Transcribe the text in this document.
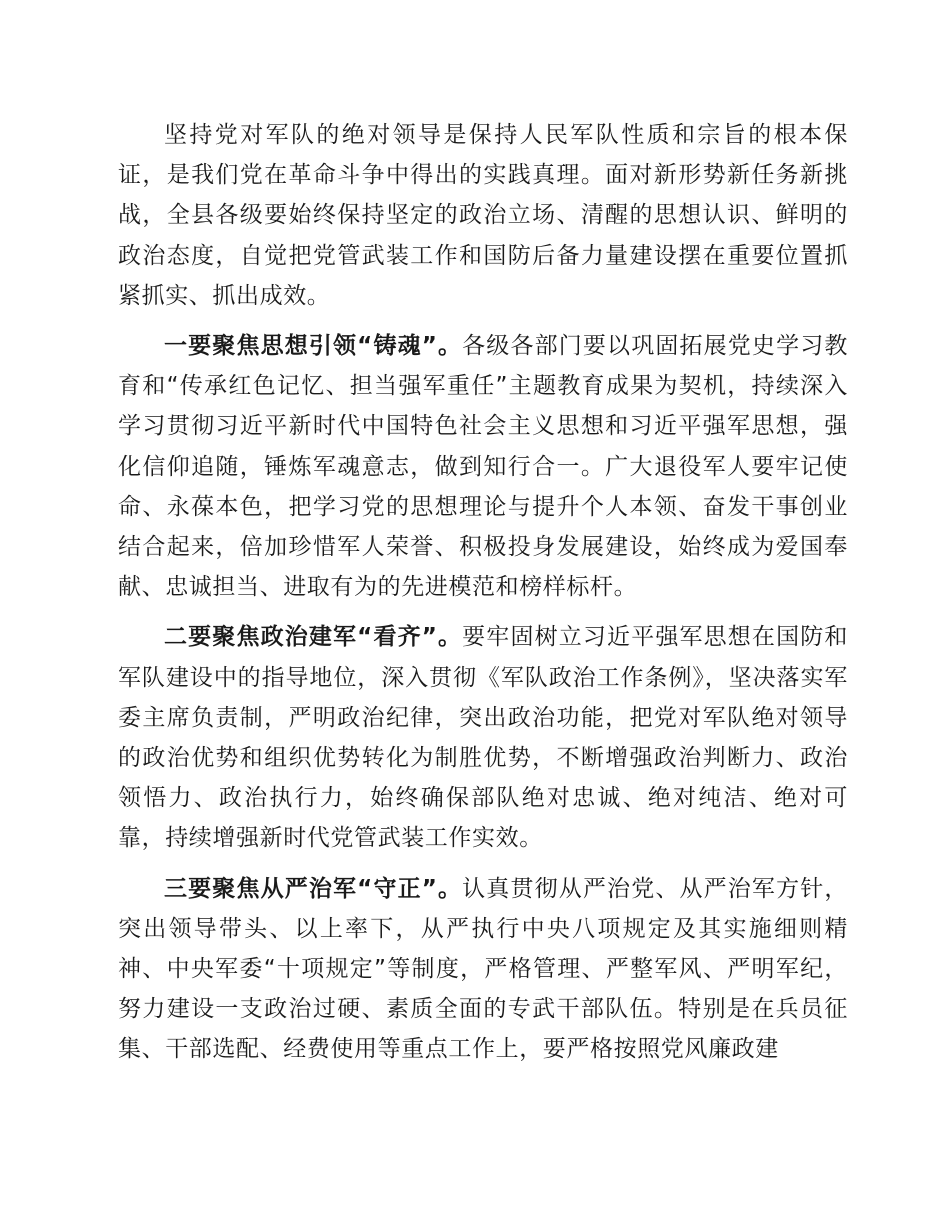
坚持党对军队的绝对领导是保持人民军队性质和宗旨的根本保证，是我们党在革命斗争中得出的实践真理。面对新形势新任务新挑战，全县各级要始终保持坚定的政治立场、清醒的思想认识、鲜明的政治态度，自觉把党管武装工作和国防后备力量建设摆在重要位置抓紧抓实、抓出成效。

一要聚焦思想引领“铸魂”。各级各部门要以巩固拓展党史学习教育和“传承红色记忆、担当强军重任”主题教育成果为契机，持续深入学习贯彻习近平新时代中国特色社会主义思想和习近平强军思想，强化信仰追随，锤炼军魂意志，做到知行合一。广大退役军人要牢记使命、永葆本色，把学习党的思想理论与提升个人本领、奋发干事创业结合起来，倍加珍惜军人荣誉、积极投身发展建设，始终成为爱国奉献、忠诚担当、进取有为的先进模范和榜样标杆。

二要聚焦政治建军“看齐”。要牢固树立习近平强军思想在国防和军队建设中的指导地位，深入贯彻《军队政治工作条例》，坚决落实军委主席负责制，严明政治纪律，突出政治功能，把党对军队绝对领导的政治优势和组织优势转化为制胜优势，不断增强政治判断力、政治领悟力、政治执行力，始终确保部队绝对忠诚、绝对纯洁、绝对可靠，持续增强新时代党管武装工作实效。

三要聚焦从严治军“守正”。认真贯彻从严治党、从严治军方针，突出领导带头、以上率下，从严执行中央八项规定及其实施细则精神、中央军委“十项规定”等制度，严格管理、严整军风、严明军纪，努力建设一支政治过硬、素质全面的专武干部队伍。特别是在兵员征集、干部选配、经费使用等重点工作上，要严格按照党风廉政建
